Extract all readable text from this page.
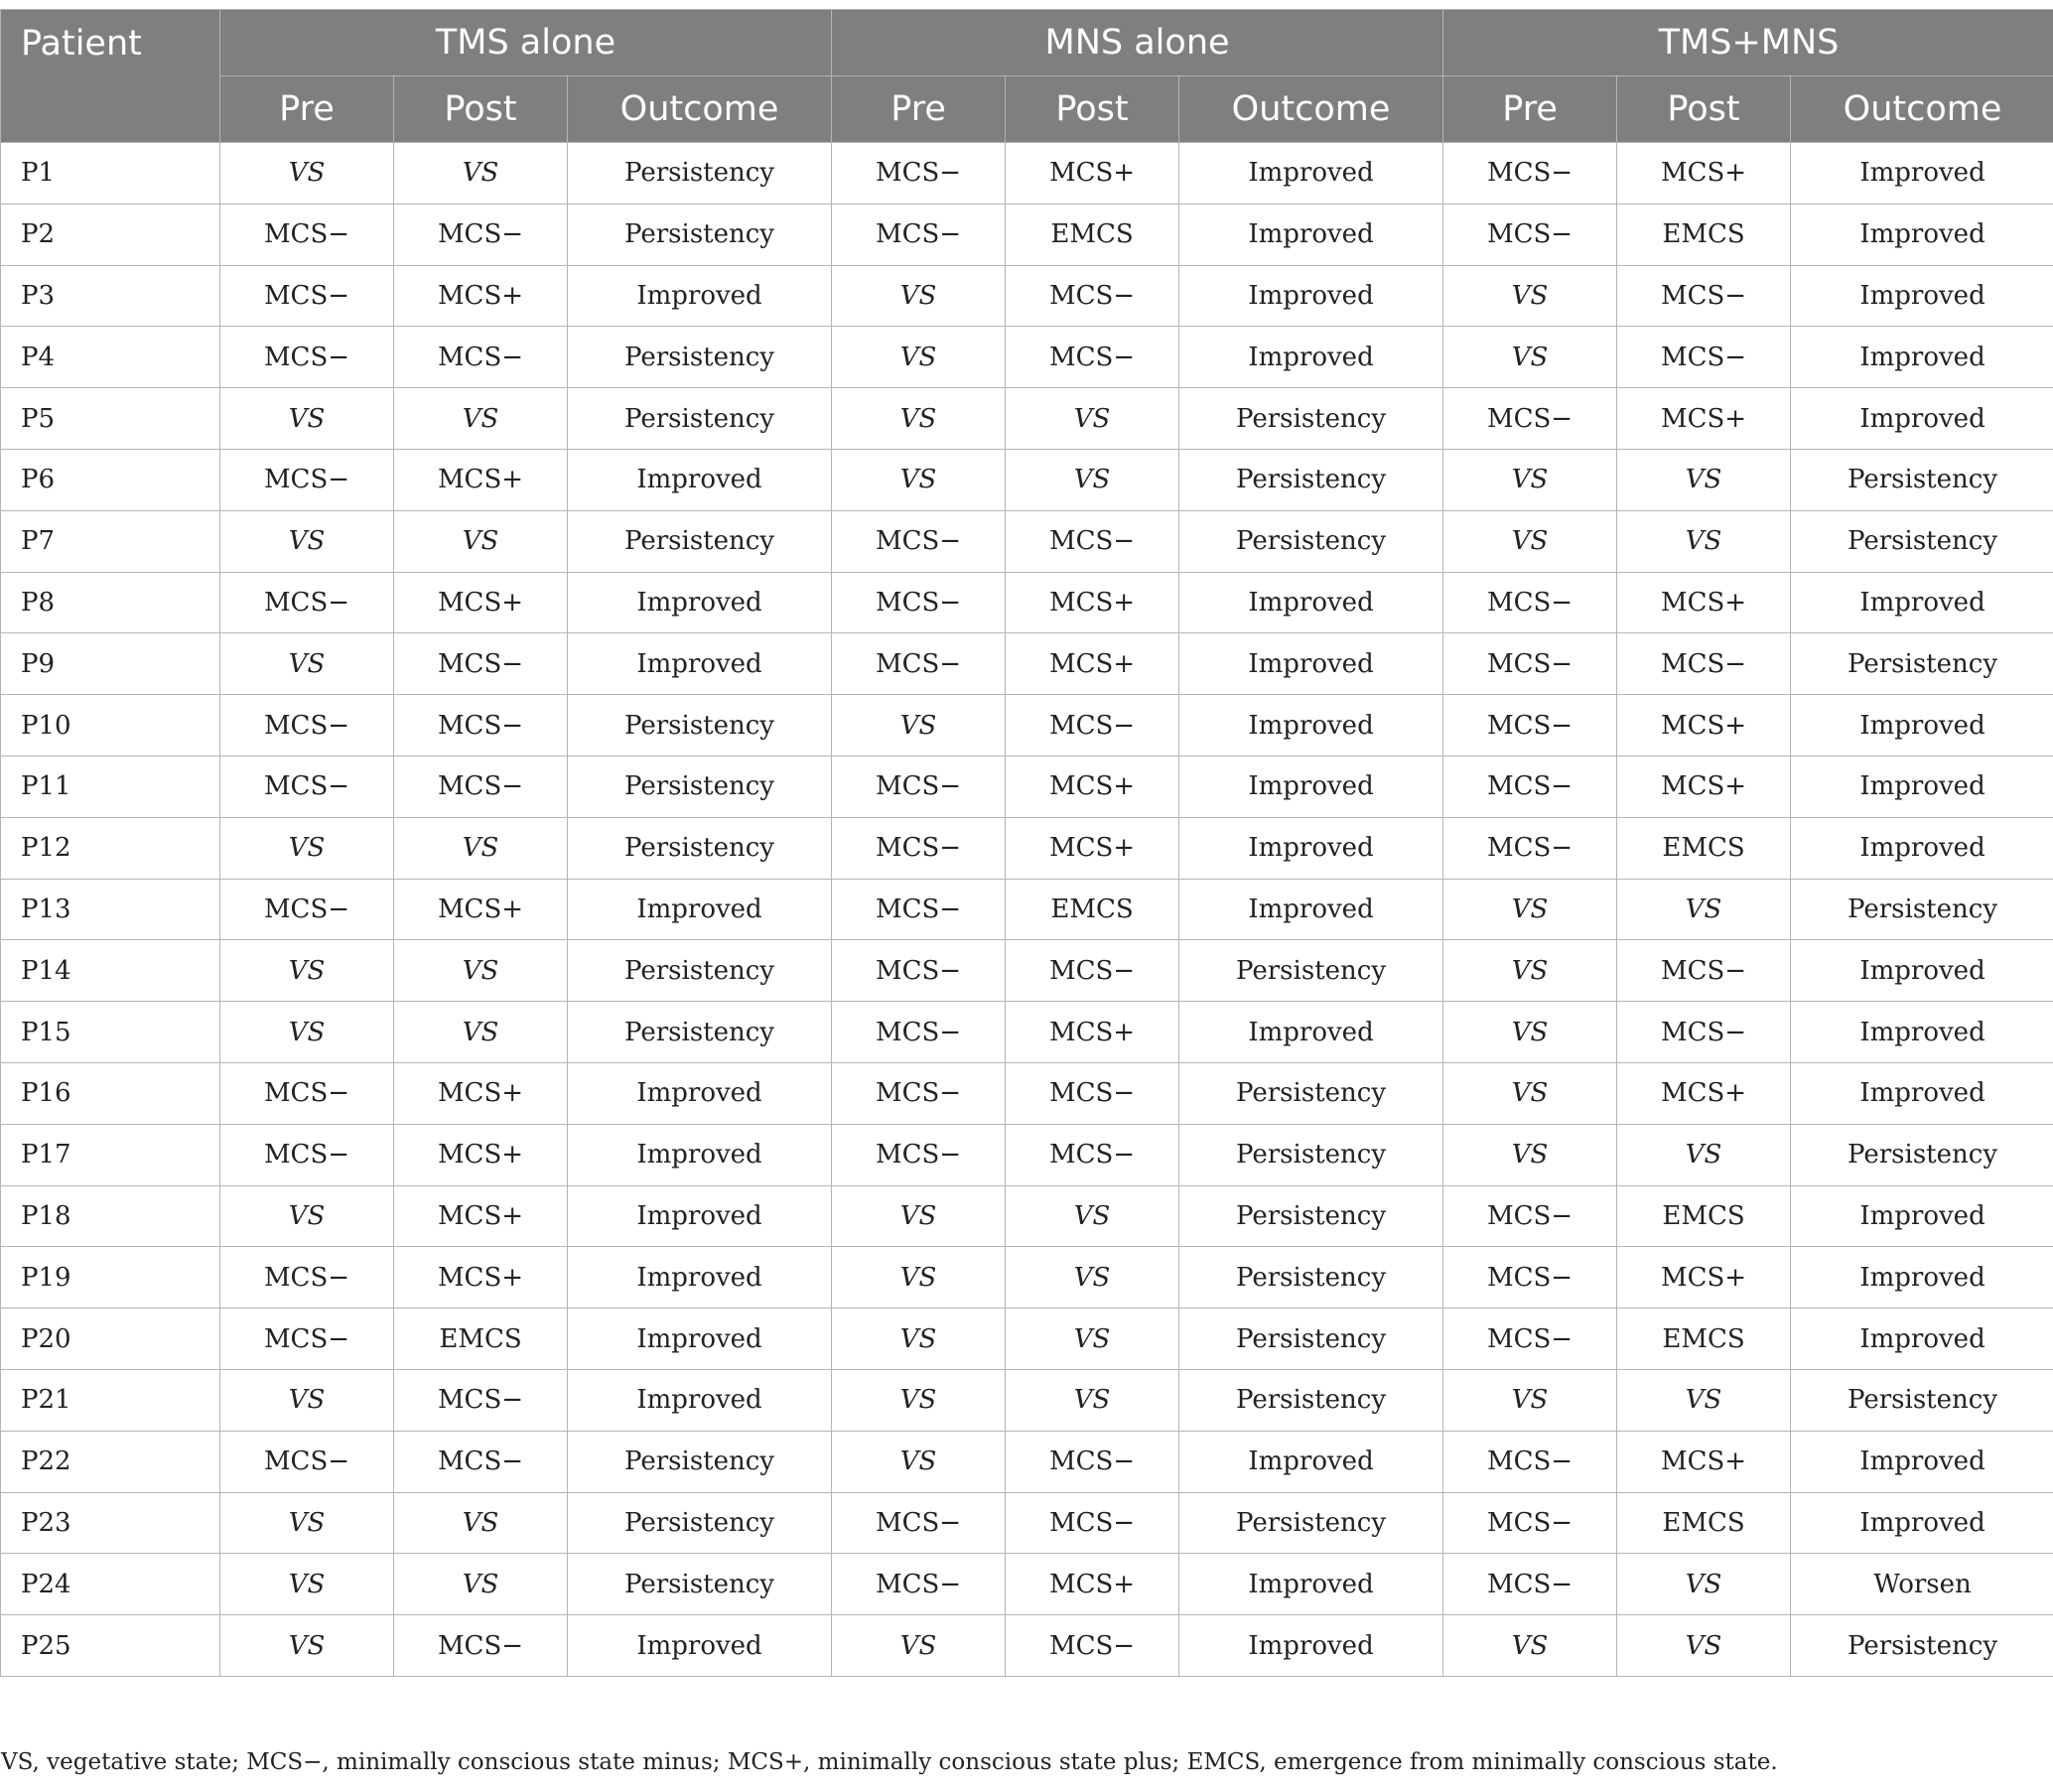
Patient	TMS alone			MNS alone			TMS+MNS		
	Pre	Post	Outcome	Pre	Post	Outcome	Pre	Post	Outcome
P1	VS	VS	Persistency	MCS−	MCS+	Improved	MCS−	MCS+	Improved
P2	MCS−	MCS−	Persistency	MCS−	EMCS	Improved	MCS−	EMCS	Improved
P3	MCS−	MCS+	Improved	VS	MCS−	Improved	VS	MCS−	Improved
P4	MCS−	MCS−	Persistency	VS	MCS−	Improved	VS	MCS−	Improved
P5	VS	VS	Persistency	VS	VS	Persistency	MCS−	MCS+	Improved
P6	MCS−	MCS+	Improved	VS	VS	Persistency	VS	VS	Persistency
P7	VS	VS	Persistency	MCS−	MCS−	Persistency	VS	VS	Persistency
P8	MCS−	MCS+	Improved	MCS−	MCS+	Improved	MCS−	MCS+	Improved
P9	VS	MCS−	Improved	MCS−	MCS+	Improved	MCS−	MCS−	Persistency
P10	MCS−	MCS−	Persistency	VS	MCS−	Improved	MCS−	MCS+	Improved
P11	MCS−	MCS−	Persistency	MCS−	MCS+	Improved	MCS−	MCS+	Improved
P12	VS	VS	Persistency	MCS−	MCS+	Improved	MCS−	EMCS	Improved
P13	MCS−	MCS+	Improved	MCS−	EMCS	Improved	VS	VS	Persistency
P14	VS	VS	Persistency	MCS−	MCS−	Persistency	VS	MCS−	Improved
P15	VS	VS	Persistency	MCS−	MCS+	Improved	VS	MCS−	Improved
P16	MCS−	MCS+	Improved	MCS−	MCS−	Persistency	VS	MCS+	Improved
P17	MCS−	MCS+	Improved	MCS−	MCS−	Persistency	VS	VS	Persistency
P18	VS	MCS+	Improved	VS	VS	Persistency	MCS−	EMCS	Improved
P19	MCS−	MCS+	Improved	VS	VS	Persistency	MCS−	MCS+	Improved
P20	MCS−	EMCS	Improved	VS	VS	Persistency	MCS−	EMCS	Improved
P21	VS	MCS−	Improved	VS	VS	Persistency	VS	VS	Persistency
P22	MCS−	MCS−	Persistency	VS	MCS−	Improved	MCS−	MCS+	Improved
P23	VS	VS	Persistency	MCS−	MCS−	Persistency	MCS−	EMCS	Improved
P24	VS	VS	Persistency	MCS−	MCS+	Improved	MCS−	VS	Worsen
P25	VS	MCS−	Improved	VS	MCS−	Improved	VS	VS	Persistency
VS, vegetative state; MCS−, minimally conscious state minus; MCS+, minimally conscious state plus; EMCS, emergence from minimally conscious state.
